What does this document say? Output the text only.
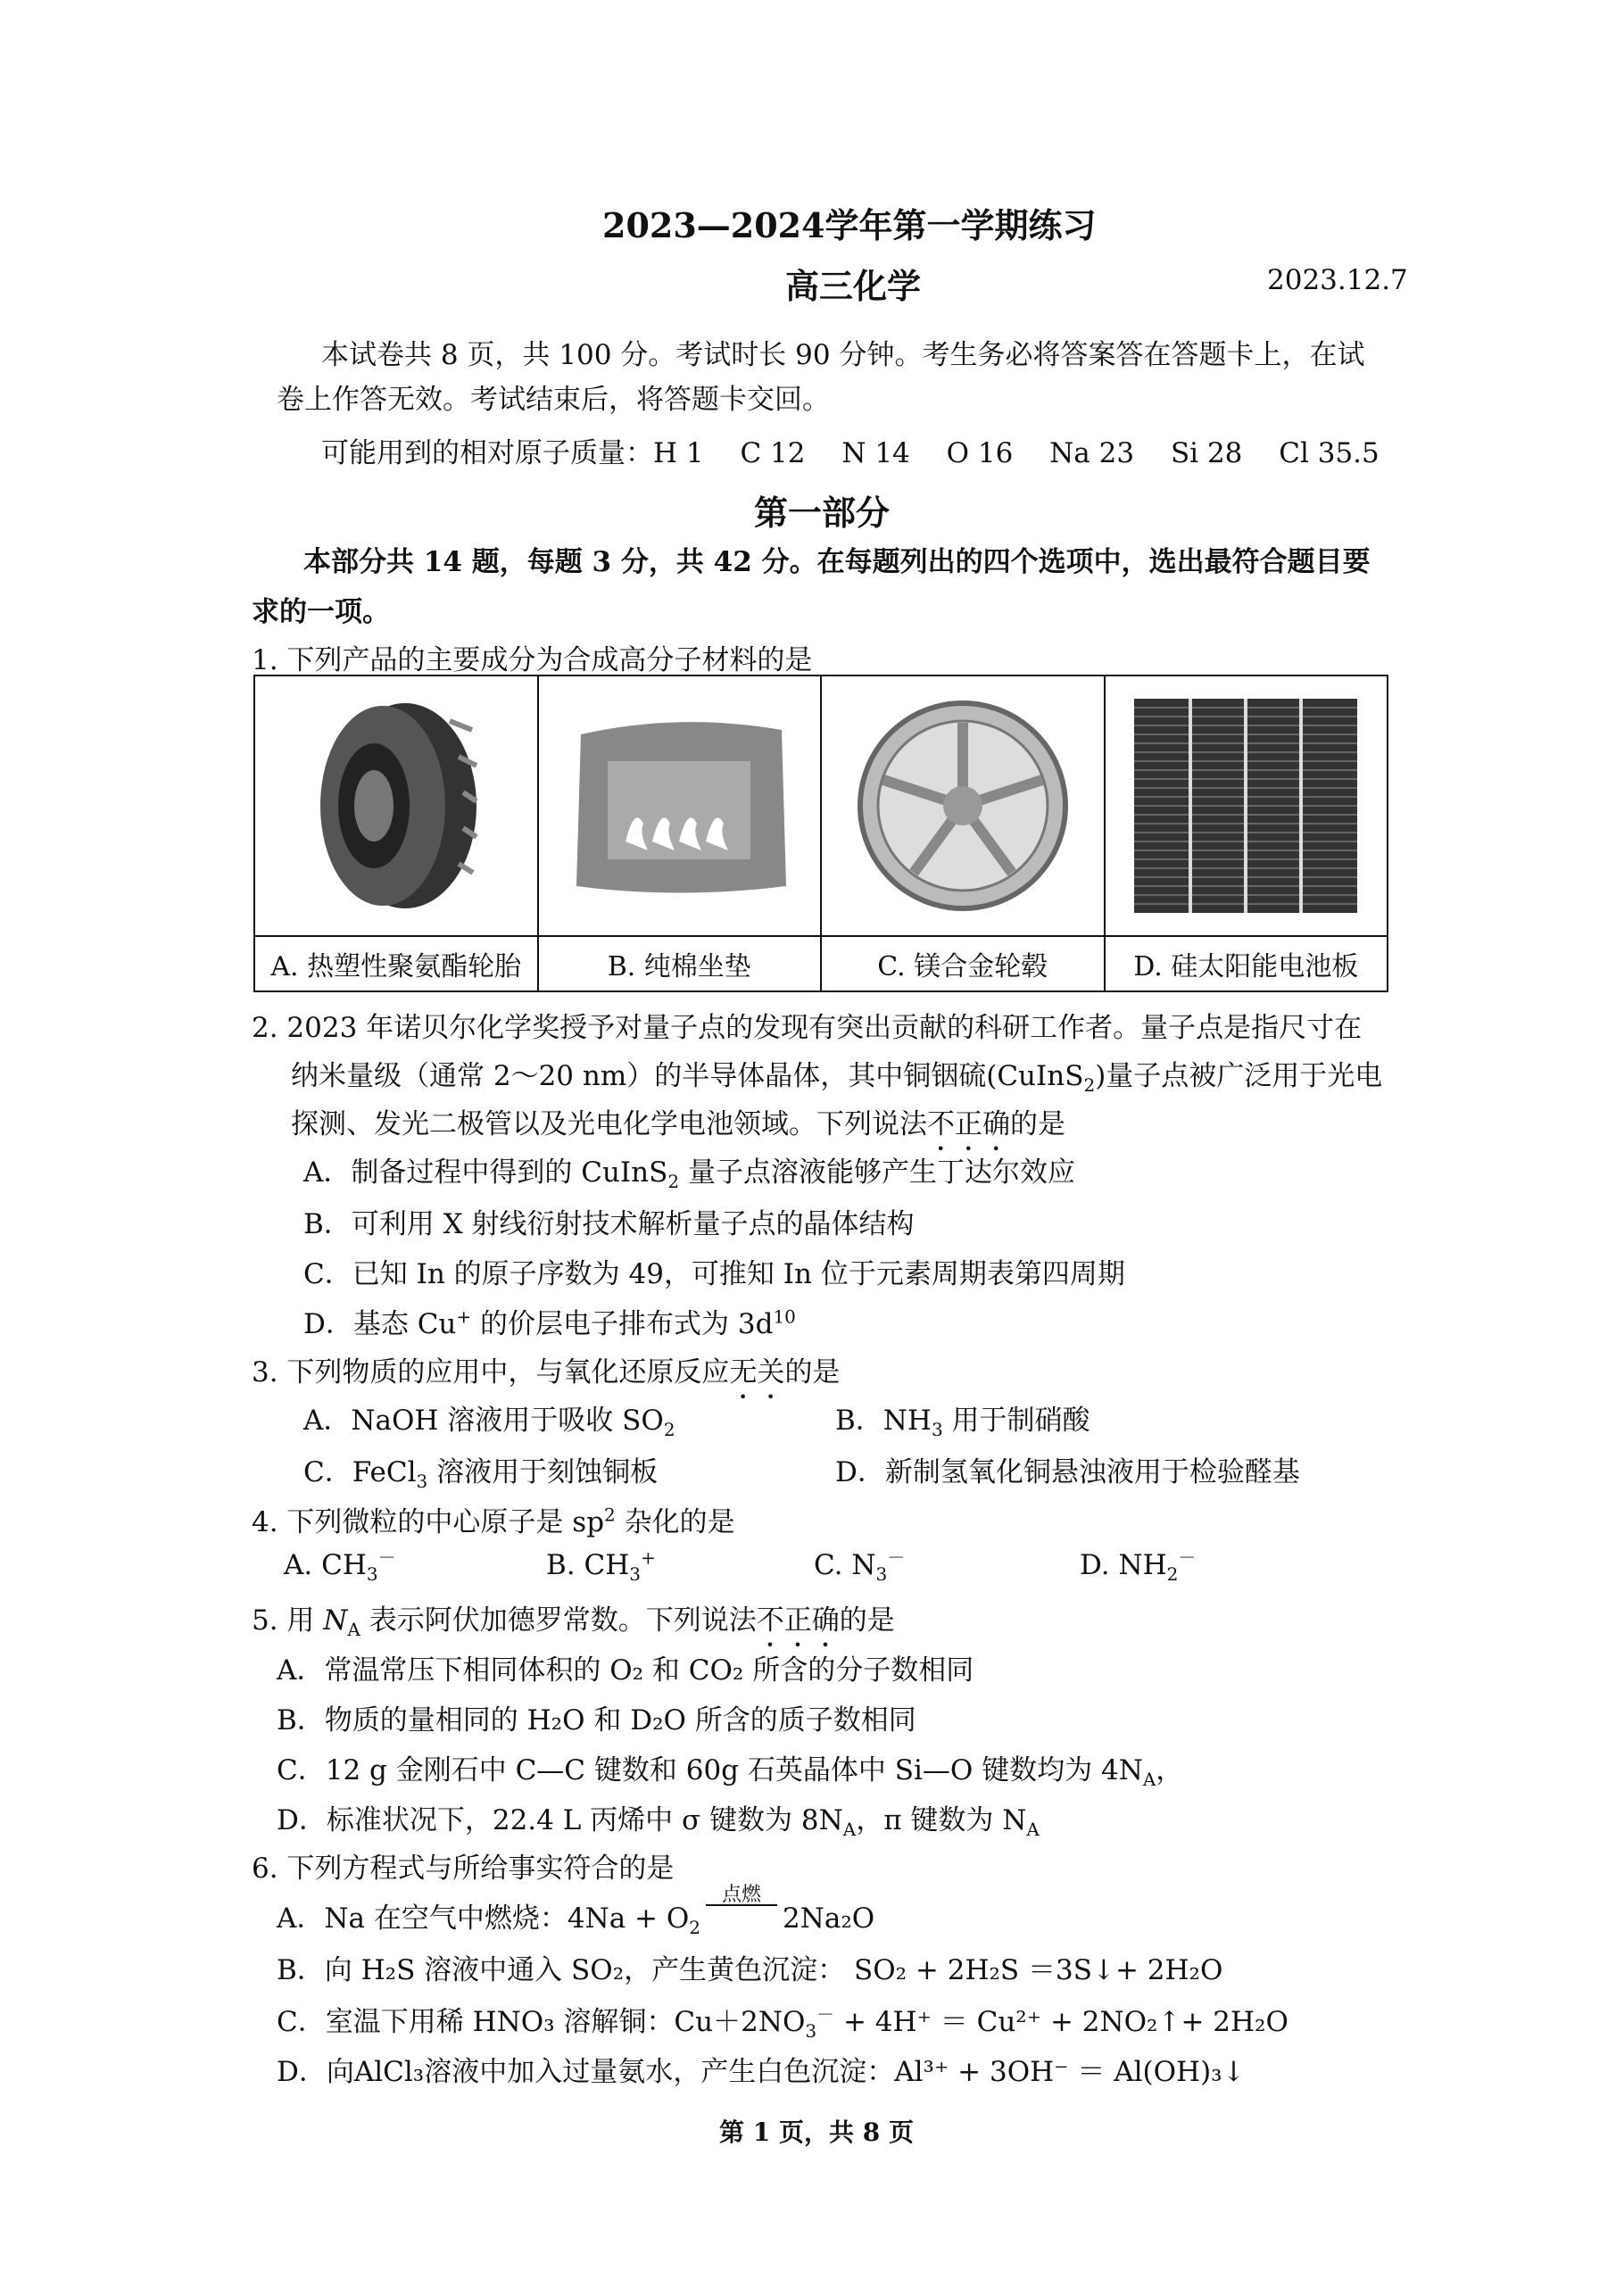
2023—2024学年第一学期练习
高三化学	2023.12.7
本试卷共 8 页，共 100 分。考试时长 90 分钟。考生务必将答案答在答题卡上，在试
卷上作答无效。考试结束后，将答题卡交回。
可能用到的相对原子质量：H 1　 C 12　 N 14　 O 16　 Na 23　 Si 28　 Cl 35.5
第一部分
本部分共 14 题，每题 3 分，共 42 分。在每题列出的四个选项中，选出最符合题目要
求的一项。
1. 下列产品的主要成分为合成高分子材料的是

A. 热塑性聚氨酯轮胎	B. 纯棉坐垫	C. 镁合金轮毂	D. 硅太阳能电池板
2. 2023 年诺贝尔化学奖授予对量子点的发现有突出贡献的科研工作者。量子点是指尺寸在
纳米量级（通常 2～20 nm）的半导体晶体，其中铜铟硫(CuInS$_2$)量子点被广泛用于光电
探测、发光二极管以及光电化学电池领域。下列说法不正确的是
A．制备过程中得到的 CuInS$_2$ 量子点溶液能够产生丁达尔效应
B．可利用 X 射线衍射技术解析量子点的晶体结构
C．已知 In 的原子序数为 49，可推知 In 位于元素周期表第四周期
D．基态 Cu+ 的价层电子排布式为 $3d^{10}$
3. 下列物质的应用中，与氧化还原反应无关的是
A．NaOH 溶液用于吸收 $SO_2$	B．$NH_3$ 用于制硝酸
C．FeCl$_3$ 溶液用于刻蚀铜板	D．新制氢氧化铜悬浊液用于检验醛基
4. 下列微粒的中心原子是 $sp^2$ 杂化的是
A. $CH_3^-$	B. $CH_3^+$	C. $N_3^-$	D. $NH_2^-$
5. 用 $N_A$ 表示阿伏加德罗常数。下列说法不正确的是
A．常温常压下相同体积的 O₂ 和 CO₂ 所含的分子数相同
B．物质的量相同的 H₂O 和 D₂O 所含的质子数相同
C．12 g 金刚石中 C—C 键数和 60g 石英晶体中 Si—O 键数均为 $4N_A$，
D．标准状况下，22.4 L 丙烯中 σ 键数为 $8N_A$，π 键数为 $N_A$
6. 下列方程式与所给事实符合的是
A．Na 在空气中燃烧：$4Na + O_2$
点燃
2Na₂O
B．向 H₂S 溶液中通入 SO₂，产生黄色沉淀： SO₂ + 2H₂S ＝3S↓+ 2H₂O
C．室温下用稀 HNO₃ 溶解铜：$Cu+2NO_3^- + 4H^+ = Cu^{2+}$ + 2NO₂↑+ 2H₂O
D．向AlCl₃溶液中加入过量氨水，产生白色沉淀：Al³⁺ + 3OH⁻ ＝ Al(OH)₃↓
第 1 页，共 8 页
